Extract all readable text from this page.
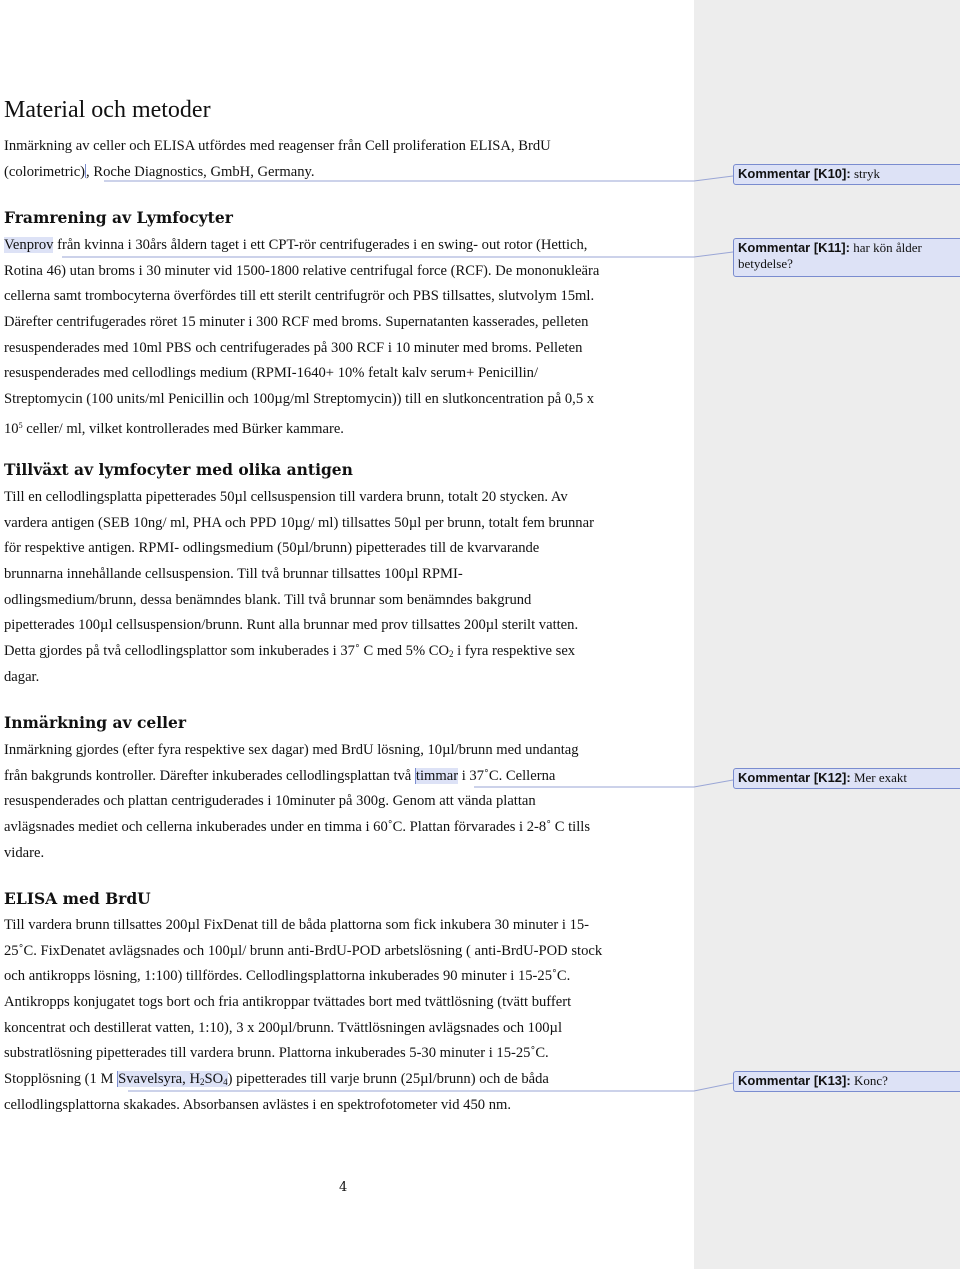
Material och metoder
Inmärkning av celler och ELISA utfördes med reagenser från Cell proliferation ELISA, BrdU
(colorimetric), Roche Diagnostics, GmbH, Germany.
Framrening av Lymfocyter
Venprov från kvinna i 30års åldern taget i ett CPT-rör centrifugerades i en swing- out rotor (Hettich,
Rotina 46) utan broms i 30 minuter vid 1500-1800 relative centrifugal force (RCF). De mononukleära
cellerna samt trombocyterna överfördes till ett sterilt centrifugrör och PBS tillsattes, slutvolym 15ml.
Därefter centrifugerades röret 15 minuter i 300 RCF med broms. Supernatanten kasserades, pelleten
resuspenderades med 10ml PBS och centrifugerades på 300 RCF i 10 minuter med broms. Pelleten
resuspenderades med cellodlings medium (RPMI-1640+ 10% fetalt kalv serum+ Penicillin/
Streptomycin (100 units/ml Penicillin och 100µg/ml Streptomycin)) till en slutkoncentration på 0,5 x
$10^5$ celler/ ml, vilket kontrollerades med Bürker kammare.
Tillväxt av lymfocyter med olika antigen
Till en cellodlingsplatta pipetterades 50µl cellsuspension till vardera brunn, totalt 20 stycken. Av
vardera antigen (SEB 10ng/ ml, PHA och PPD 10µg/ ml) tillsattes 50µl per brunn, totalt fem brunnar
för respektive antigen. RPMI- odlingsmedium (50µl/brunn) pipetterades till de kvarvarande
brunnarna innehållande cellsuspension. Till två brunnar tillsattes 100µl RPMI-
odlingsmedium/brunn, dessa benämndes blank. Till två brunnar som benämndes bakgrund
pipetterades 100µl cellsuspension/brunn. Runt alla brunnar med prov tillsattes 200µl sterilt vatten.
Detta gjordes på två cellodlingsplattor som inkuberades i 37˚ C med 5% $CO_2$ i fyra respektive sex
dagar.
Inmärkning av celler
Inmärkning gjordes (efter fyra respektive sex dagar) med BrdU lösning, 10µl/brunn med undantag
från bakgrunds kontroller. Därefter inkuberades cellodlingsplattan två timmar i 37˚C. Cellerna
resuspenderades och plattan centriguderades i 10minuter på 300g. Genom att vända plattan
avlägsnades mediet och cellerna inkuberades under en timma i 60˚C. Plattan förvarades i 2-8˚ C tills
vidare.
ELISA med BrdU
Till vardera brunn tillsattes 200µl FixDenat till de båda plattorna som fick inkubera 30 minuter i 15-
25˚C. FixDenatet avlägsnades och 100µl/ brunn anti-BrdU-POD arbetslösning ( anti-BrdU-POD stock
och antikropps lösning, 1:100) tillfördes. Cellodlingsplattorna inkuberades 90 minuter i 15-25˚C.
Antikropps konjugatet togs bort och fria antikroppar tvättades bort med tvättlösning (tvätt buffert
koncentrat och destillerat vatten, 1:10), 3 x 200µl/brunn. Tvättlösningen avlägsnades och 100µl
substratlösning pipetterades till vardera brunn. Plattorna inkuberades 5-30 minuter i 15-25˚C.
Stopplösning (1 M Svavelsyra, $H_2SO_4$) pipetterades till varje brunn (25µl/brunn) och de båda
cellodlingsplattorna skakades. Absorbansen avlästes i en spektrofotometer vid 450 nm.
4
Kommentar [K10]: stryk
Kommentar [K11]: har kön ålder betydelse?
Kommentar [K12]: Mer exakt
Kommentar [K13]: Konc?
